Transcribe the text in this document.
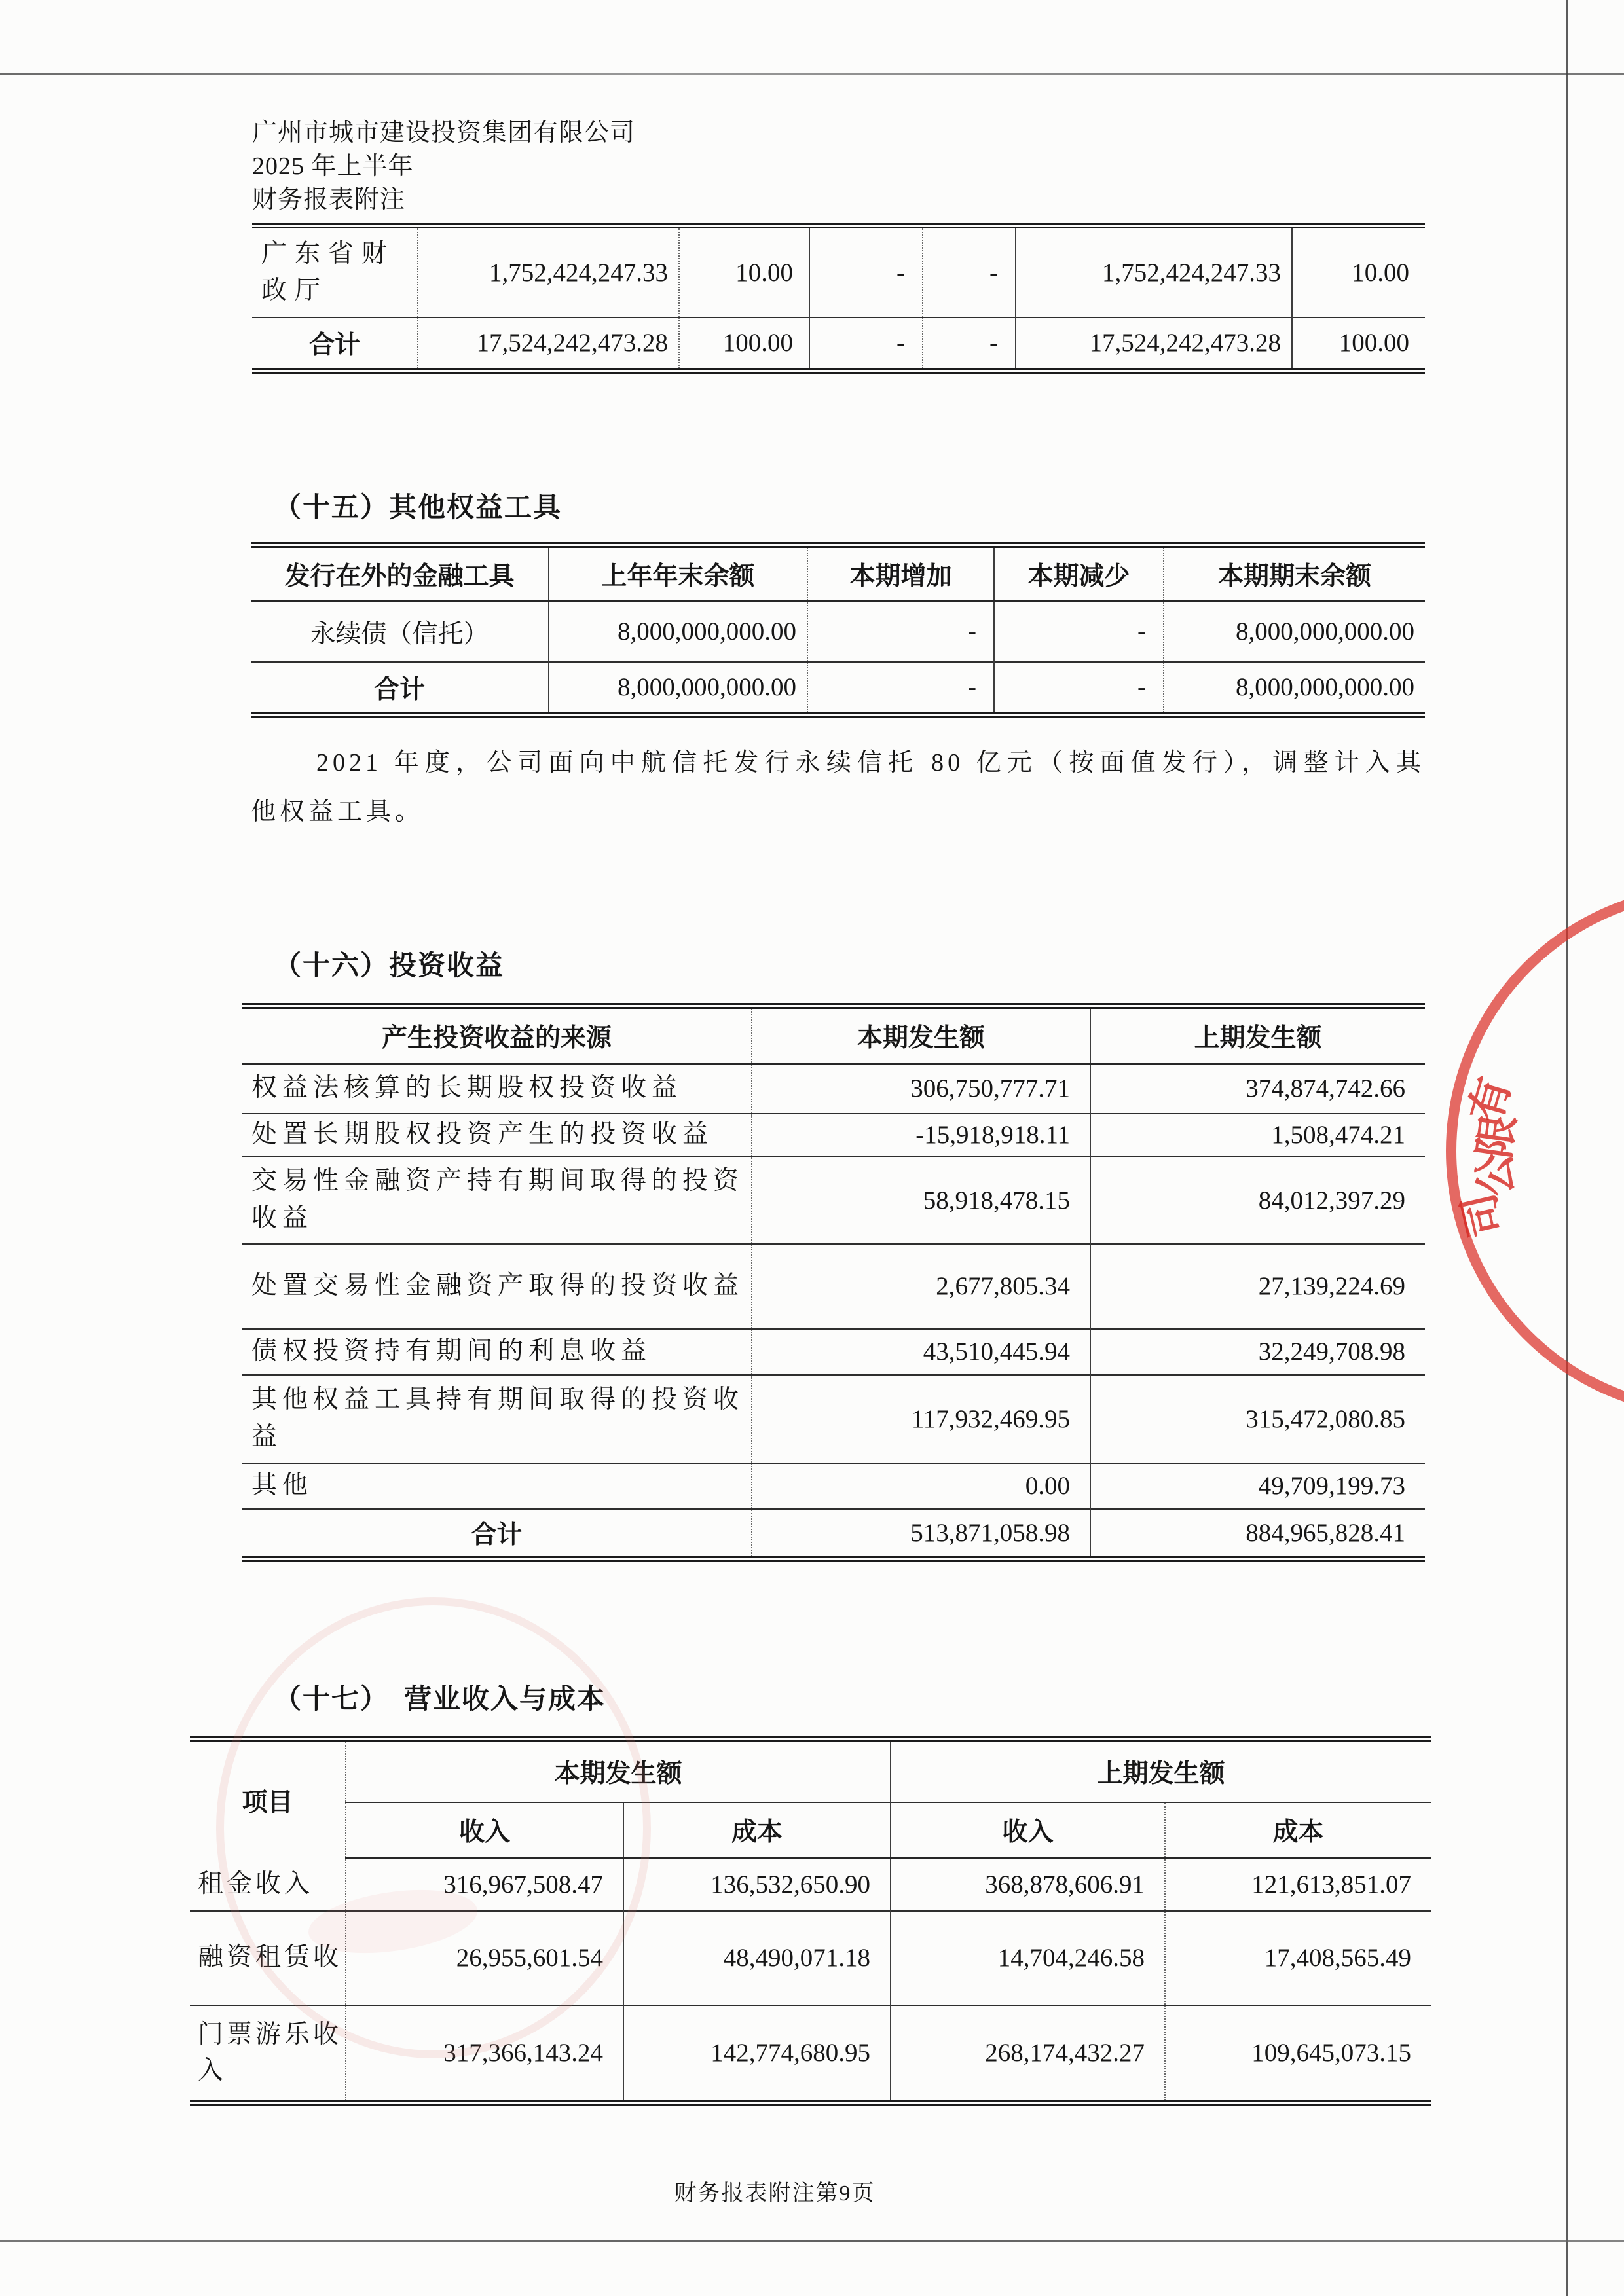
广州市城市建设投资集团有限公司
2025 年上半年
财务报表附注
广东省财政厅	1,752,424,247.33	10.00	-	-	1,752,424,247.33	10.00
合计	17,524,242,473.28	100.00	-	-	17,524,242,473.28	100.00
（十五）其他权益工具
发行在外的金融工具	上年年末余额	本期增加	本期减少	本期期末余额
永续债（信托）	8,000,000,000.00	-	-	8,000,000,000.00
合计	8,000,000,000.00	-	-	8,000,000,000.00
2021 年度，公司面向中航信托发行永续信托 80 亿元（按面值发行），调整计入其
他权益工具。
（十六）投资收益
产生投资收益的来源	本期发生额	上期发生额
权益法核算的长期股权投资收益	306,750,777.71	374,874,742.66
处置长期股权投资产生的投资收益	-15,918,918.11	1,508,474.21
交易性金融资产持有期间取得的投资收益	58,918,478.15	84,012,397.29
处置交易性金融资产取得的投资收益	2,677,805.34	27,139,224.69
债权投资持有期间的利息收益	43,510,445.94	32,249,708.98
其他权益工具持有期间取得的投资收益	117,932,469.95	315,472,080.85
其他	0.00	49,709,199.73
合计	513,871,058.98	884,965,828.41
（十七）　营业收入与成本
项目	本期发生额		上期发生额	
	收入	成本	收入	成本
租金收入	316,967,508.47	136,532,650.90	368,878,606.91	121,613,851.07
融资租赁收	26,955,601.54	48,490,071.18	14,704,246.58	17,408,565.49
门票游乐收入	317,366,143.24	142,774,680.95	268,174,432.27	109,645,073.15
财务报表附注第9页
有
限
公
司
